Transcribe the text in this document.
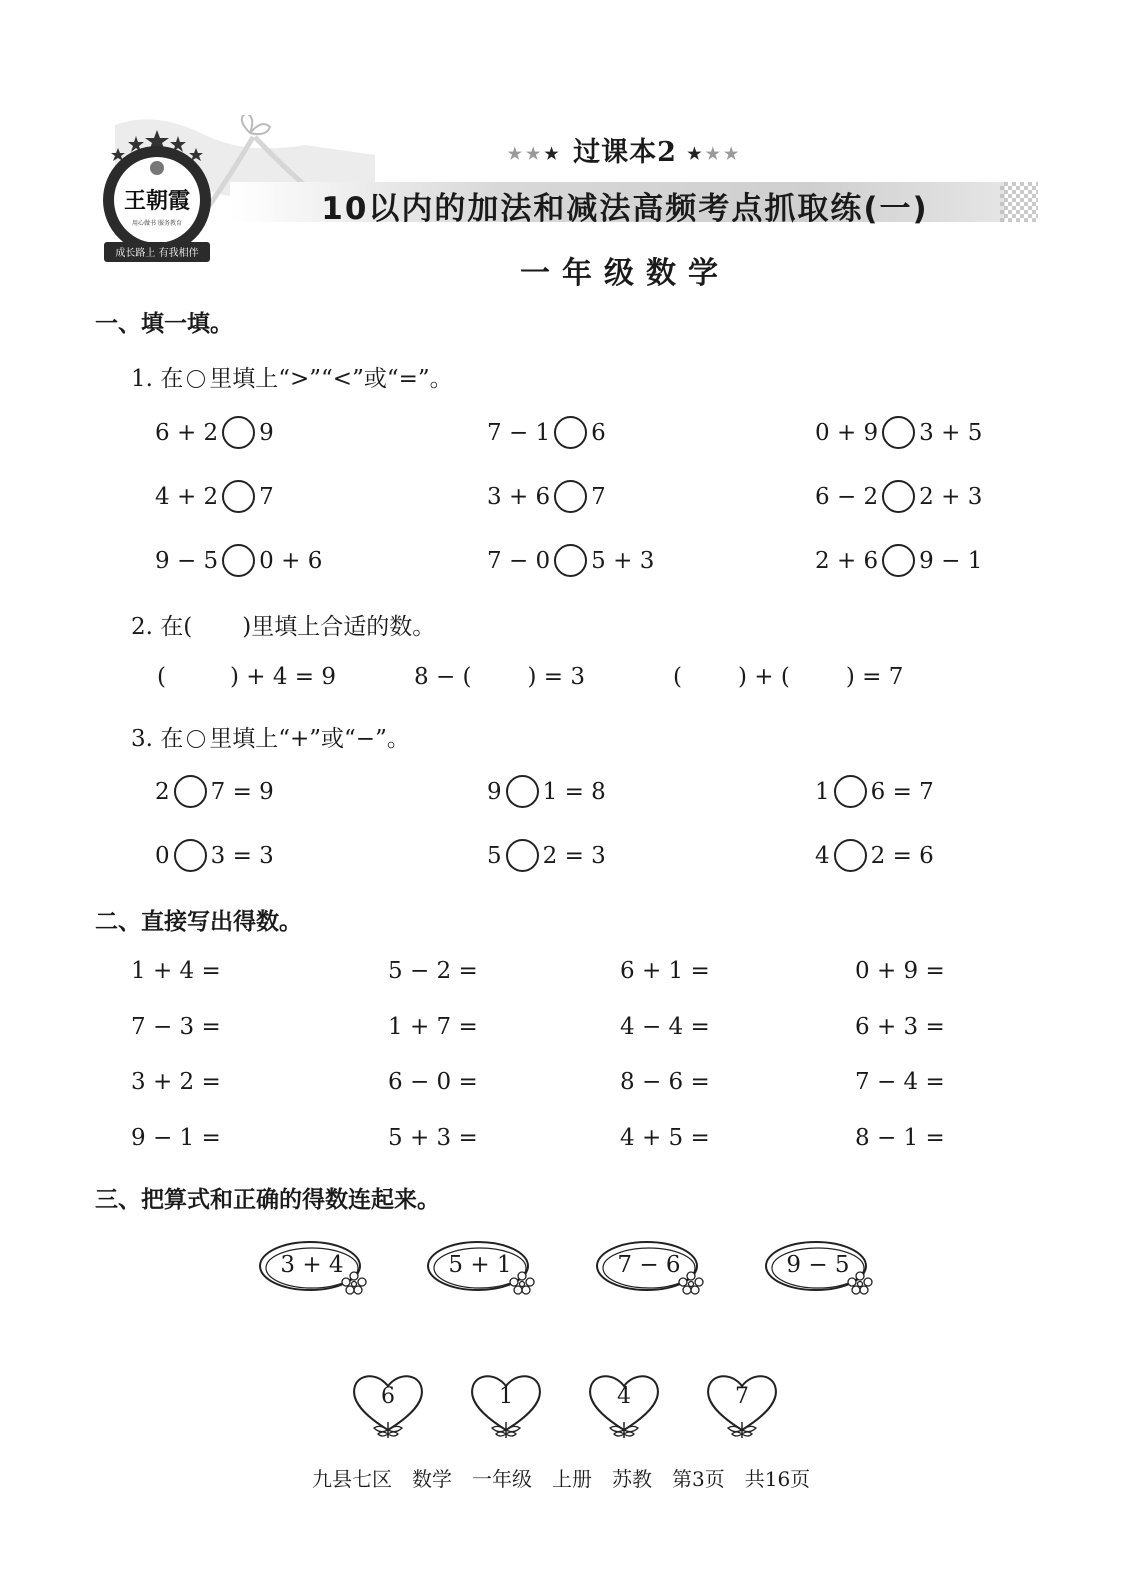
王朝霞
用心做书 服务教育
成长路上 有我相伴
★★★ 过课本2 ★★★
10以内的加法和减法高频考点抓取练(一)
一年级数学
一、填一填。
1. 在 里填上“>”“<”或“=”。
6 + 2 9	7 − 1 6	0 + 9 3 + 5
4 + 2 7	3 + 6 7	6 − 2 2 + 3
9 − 5 0 + 6	7 − 0 5 + 3	2 + 6 9 − 1
2. 在( )里填上合适的数。
(	) + 4 = 9	8 − ( ) = 3	( ) + ( ) = 7
3. 在 里填上“+”或“−”。
2 7 = 9	9 1 = 8	1 6 = 7
0 3 = 3	5 2 = 3	4 2 = 6
二、直接写出得数。
1 + 4 =	5 − 2 =	6 + 1 =	0 + 9 =
7 − 3 =	1 + 7 =	4 − 4 =	6 + 3 =
3 + 2 =	6 − 0 =	8 − 6 =	7 − 4 =
9 − 1 =	5 + 3 =	4 + 5 =	8 − 1 =
三、把算式和正确的得数连起来。
3 + 4	5 + 1	7 − 6	9 − 5
6	1	4	7
九县七区 数学 一年级 上册 苏教 第3页 共16页
